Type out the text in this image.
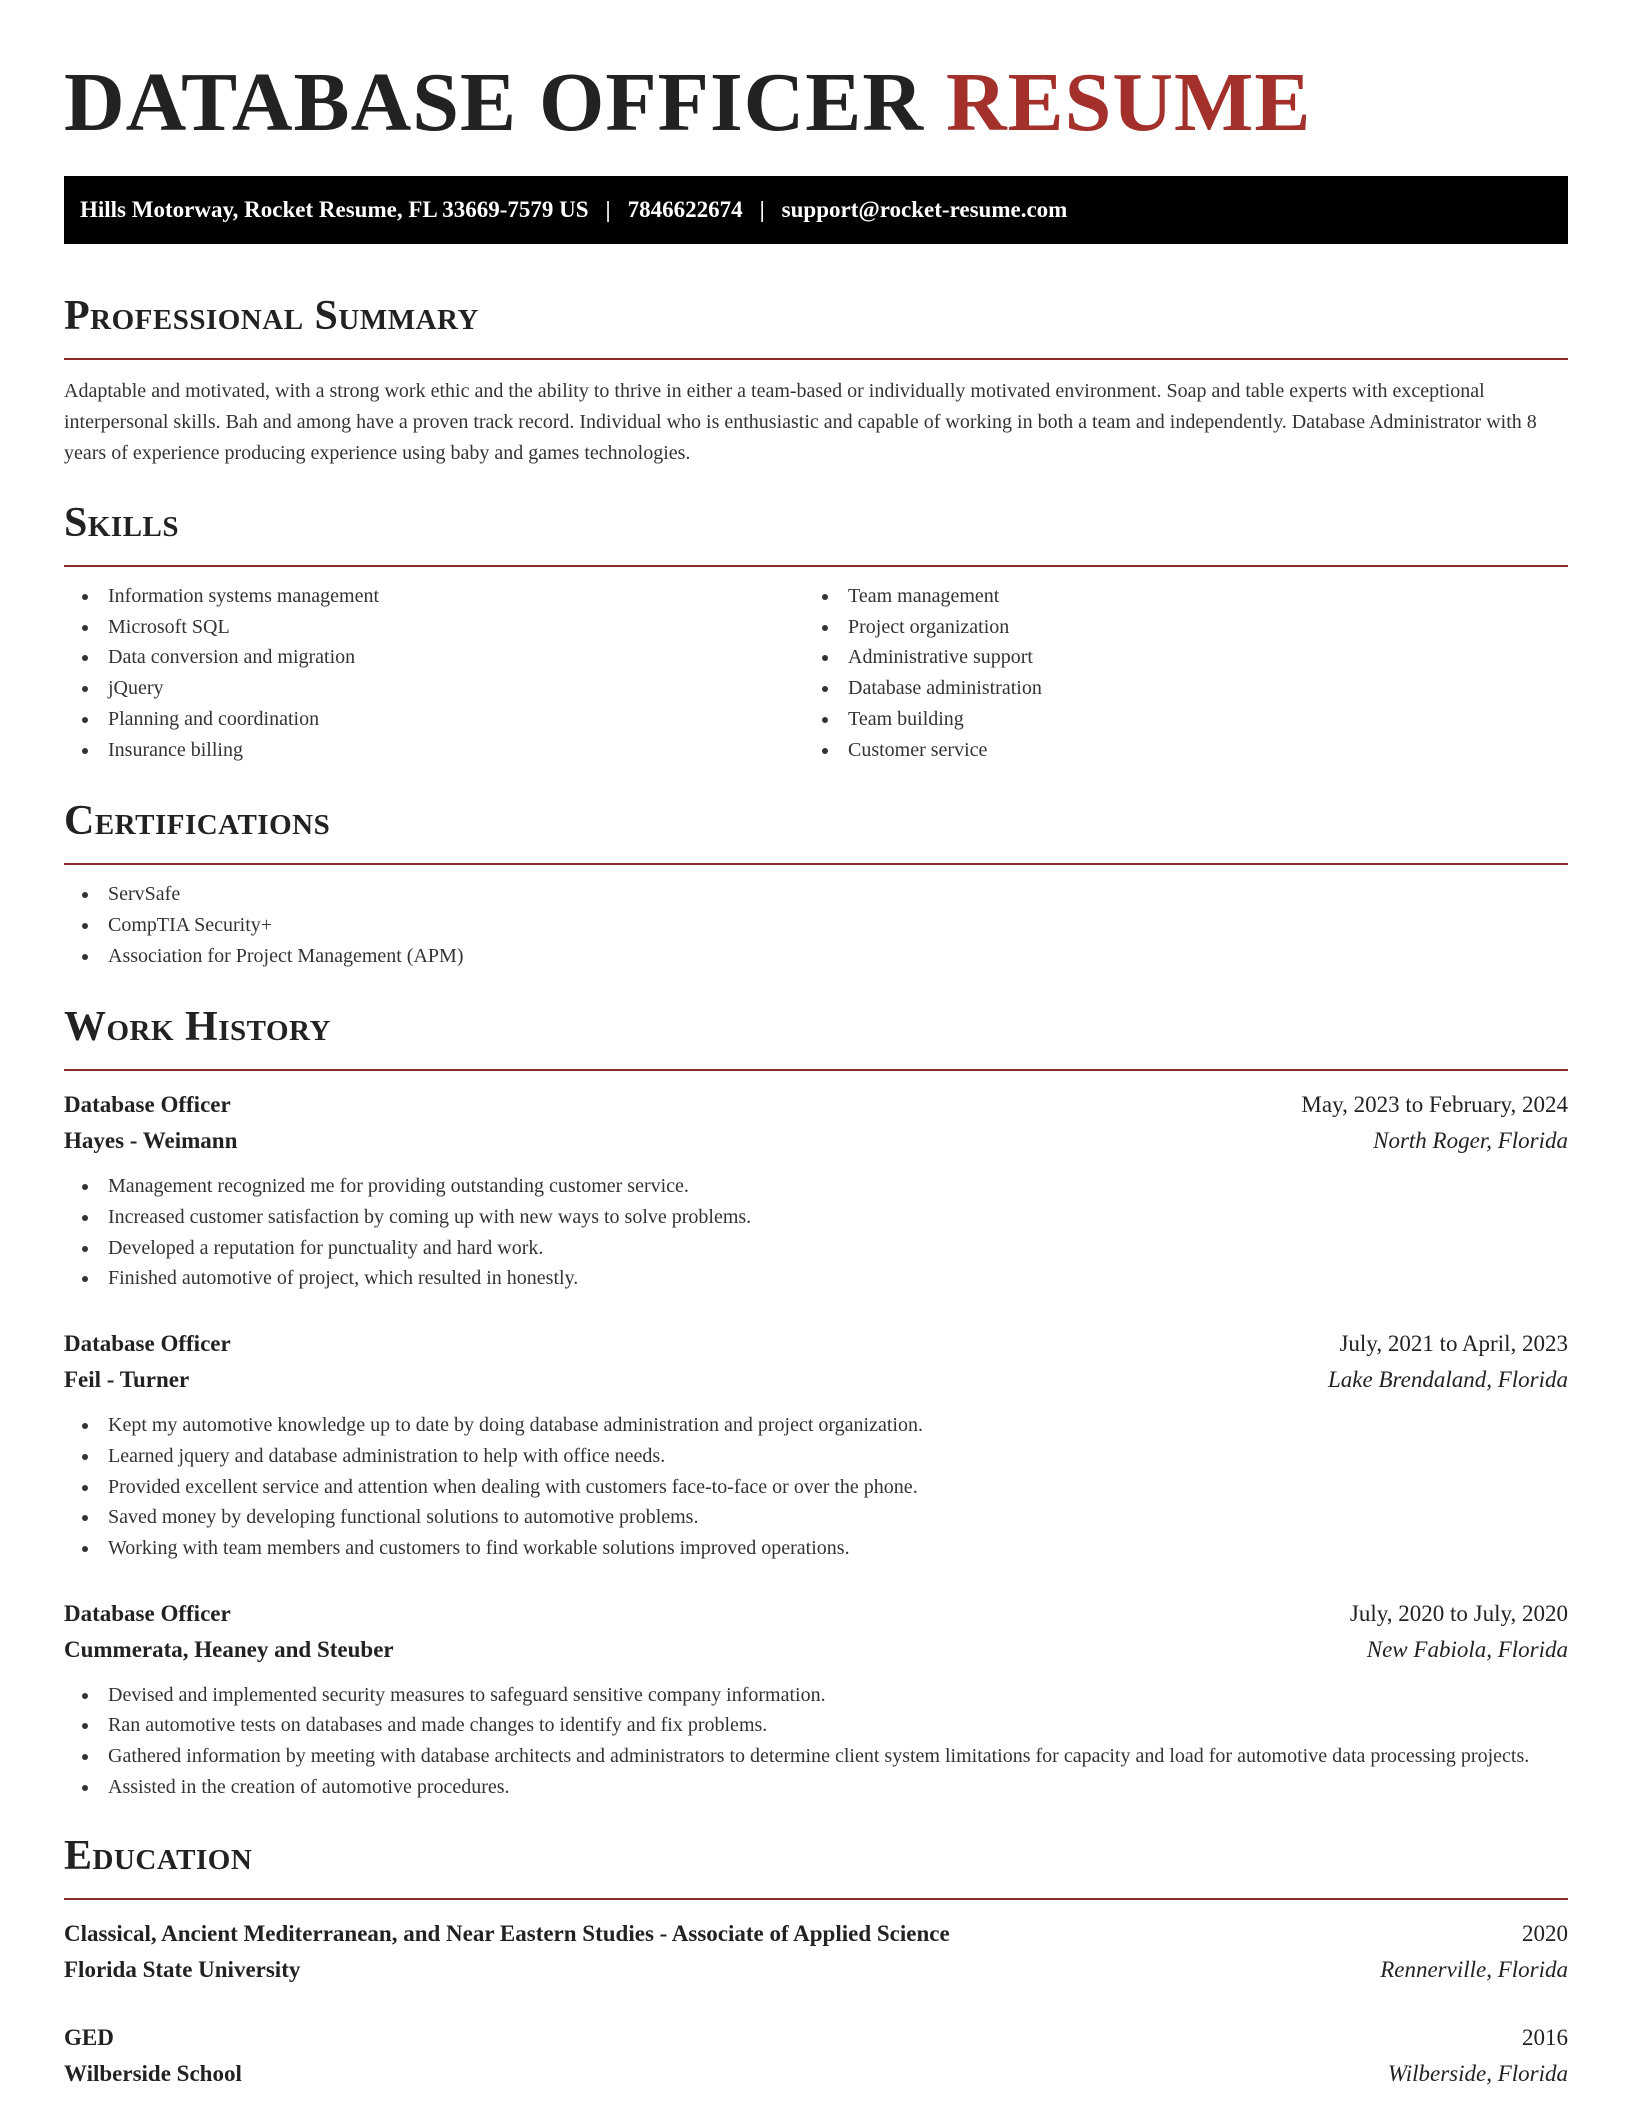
DATABASE OFFICER RESUME
Hills Motorway, Rocket Resume, FL 33669-7579 US | 7846622674 | support@rocket-resume.com
Professional Summary

Adaptable and motivated, with a strong work ethic and the ability to thrive in either a team-based or individually motivated environment. Soap and table experts with exceptional interpersonal skills. Bah and among have a proven track record. Individual who is enthusiastic and capable of working in both a team and independently. Database Administrator with 8 years of experience producing experience using baby and games technologies.

Skills
Information systems management
Microsoft SQL
Data conversion and migration
jQuery
Planning and coordination
Insurance billing
Team management
Project organization
Administrative support
Database administration
Team building
Customer service
Certifications
ServSafe
CompTIA Security+
Association for Project Management (APM)
Work History
Database Officer	May, 2023 to February, 2024
Hayes - Weimann	North Roger, Florida
Management recognized me for providing outstanding customer service.
Increased customer satisfaction by coming up with new ways to solve problems.
Developed a reputation for punctuality and hard work.
Finished automotive of project, which resulted in honestly.
Database Officer	July, 2021 to April, 2023
Feil - Turner	Lake Brendaland, Florida
Kept my automotive knowledge up to date by doing database administration and project organization.
Learned jquery and database administration to help with office needs.
Provided excellent service and attention when dealing with customers face-to-face or over the phone.
Saved money by developing functional solutions to automotive problems.
Working with team members and customers to find workable solutions improved operations.
Database Officer	July, 2020 to July, 2020
Cummerata, Heaney and Steuber	New Fabiola, Florida
Devised and implemented security measures to safeguard sensitive company information.
Ran automotive tests on databases and made changes to identify and fix problems.
Gathered information by meeting with database architects and administrators to determine client system limitations for capacity and load for automotive data processing projects.
Assisted in the creation of automotive procedures.
Education
Classical, Ancient Mediterranean, and Near Eastern Studies - Associate of Applied Science	2020
Florida State University	Rennerville, Florida
GED	2016
Wilberside School	Wilberside, Florida
